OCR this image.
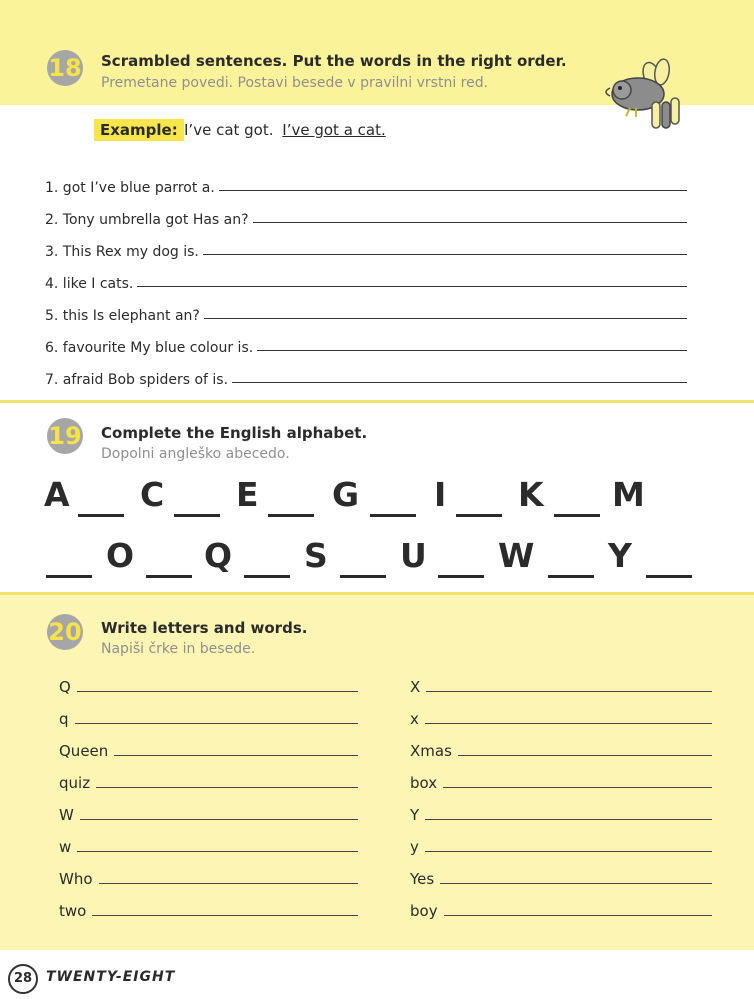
18 Scrambled sentences. Put the words in the right order.
Premetane povedi. Postavi besede v pravilni vrstni red.
Example: I’ve cat got. I’ve got a cat.
1. got I’ve blue parrot a.
2. Tony umbrella got Has an?
3. This Rex my dog is.
4. like I cats.
5. this Is elephant an?
6. favourite My blue colour is.
7. afraid Bob spiders of is.
19 Complete the English alphabet.
Dopolni angleško abecedo.
A C E G I K M
O Q S U W Y
20 Write letters and words.
Napiši črke in besede.
Q
q
Queen
quiz
W
w
Who
two
X
x
Xmas
box
Y
y
Yes
boy
28 TWENTY-EIGHT
